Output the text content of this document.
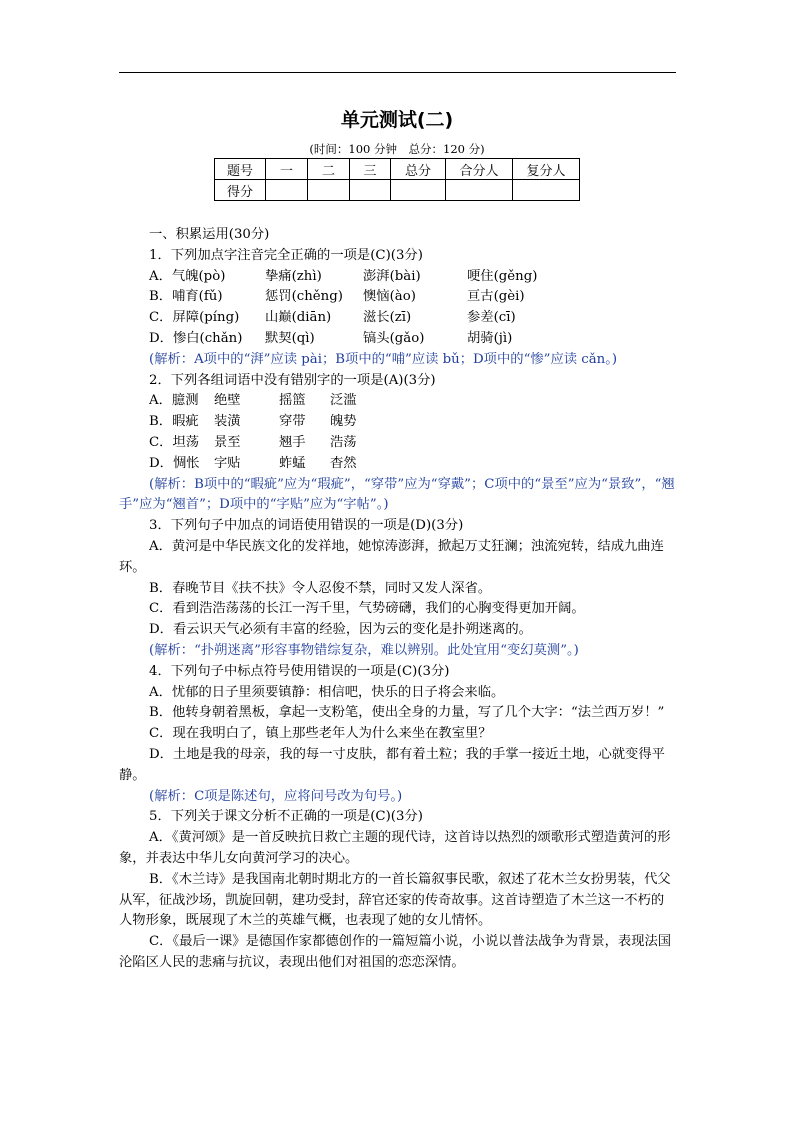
单元测试(二)
(时间：100 分钟　总分：120 分)
题号	一	二	三	总分	合分人	复分人
得分						

一、积累运用(30分)

1．下列加点字注音完全正确的一项是(C)(3分)

A．气魄(pò)	挚痛(zhì)	澎湃(bài)	哽住(gěng)

B．哺育(fǔ)	惩罚(chěng) 懊恼(ào)	亘古(gèi)

C．屏障(píng) 山巅(diān) 滋长(zī)	参差(cī)

D．惨白(chǎn) 默契(qì)	镐头(gǎo)	胡骑(jì)

(解析：A项中的“湃”应读 pài；B项中的“哺”应读 bǔ；D项中的“惨”应读 cǎn。)

2．下列各组词语中没有错别字的一项是(A)(3分)

A．臆测 绝壁	摇篮 泛滥

B．暇疵 装潢	穿带 魄势

C．坦荡 景至	翘手 浩荡

D．惆怅 字贴	蚱蜢 杳然

(解析：B项中的“暇疵”应为“瑕疵”，“穿带”应为“穿戴”；C项中的“景至”应为“景致”，“翘手”应为“翘首”；D项中的“字贴”应为“字帖”。)

3．下列句子中加点的词语使用错误的一项是(D)(3分)

A．黄河是中华民族文化的发祥地，她惊涛澎湃，掀起万丈狂澜；浊流宛转，结成九曲连环。

B．春晚节目《扶不扶》令人忍俊不禁，同时又发人深省。

C．看到浩浩荡荡的长江一泻千里，气势磅礴，我们的心胸变得更加开阔。

D．看云识天气必须有丰富的经验，因为云的变化是扑朔迷离的。

(解析：“扑朔迷离”形容事物错综复杂，难以辨别。此处宜用“变幻莫测”。)

4．下列句子中标点符号使用错误的一项是(C)(3分)

A．忧郁的日子里须要镇静：相信吧，快乐的日子将会来临。

B．他转身朝着黑板，拿起一支粉笔，使出全身的力量，写了几个大字：“法兰西万岁！”

C．现在我明白了，镇上那些老年人为什么来坐在教室里？

D．土地是我的母亲，我的每一寸皮肤，都有着土粒；我的手掌一接近土地，心就变得平静。

(解析：C项是陈述句，应将问号改为句号。)

5．下列关于课文分析不正确的一项是(C)(3分)

A．《黄河颂》是一首反映抗日救亡主题的现代诗，这首诗以热烈的颂歌形式塑造黄河的形象，并表达中华儿女向黄河学习的决心。

B．《木兰诗》是我国南北朝时期北方的一首长篇叙事民歌，叙述了花木兰女扮男装，代父从军，征战沙场，凯旋回朝，建功受封，辞官还家的传奇故事。这首诗塑造了木兰这一不朽的人物形象，既展现了木兰的英雄气概，也表现了她的女儿情怀。

C．《最后一课》是德国作家都德创作的一篇短篇小说，小说以普法战争为背景，表现法国沦陷区人民的悲痛与抗议，表现出他们对祖国的恋恋深情。
